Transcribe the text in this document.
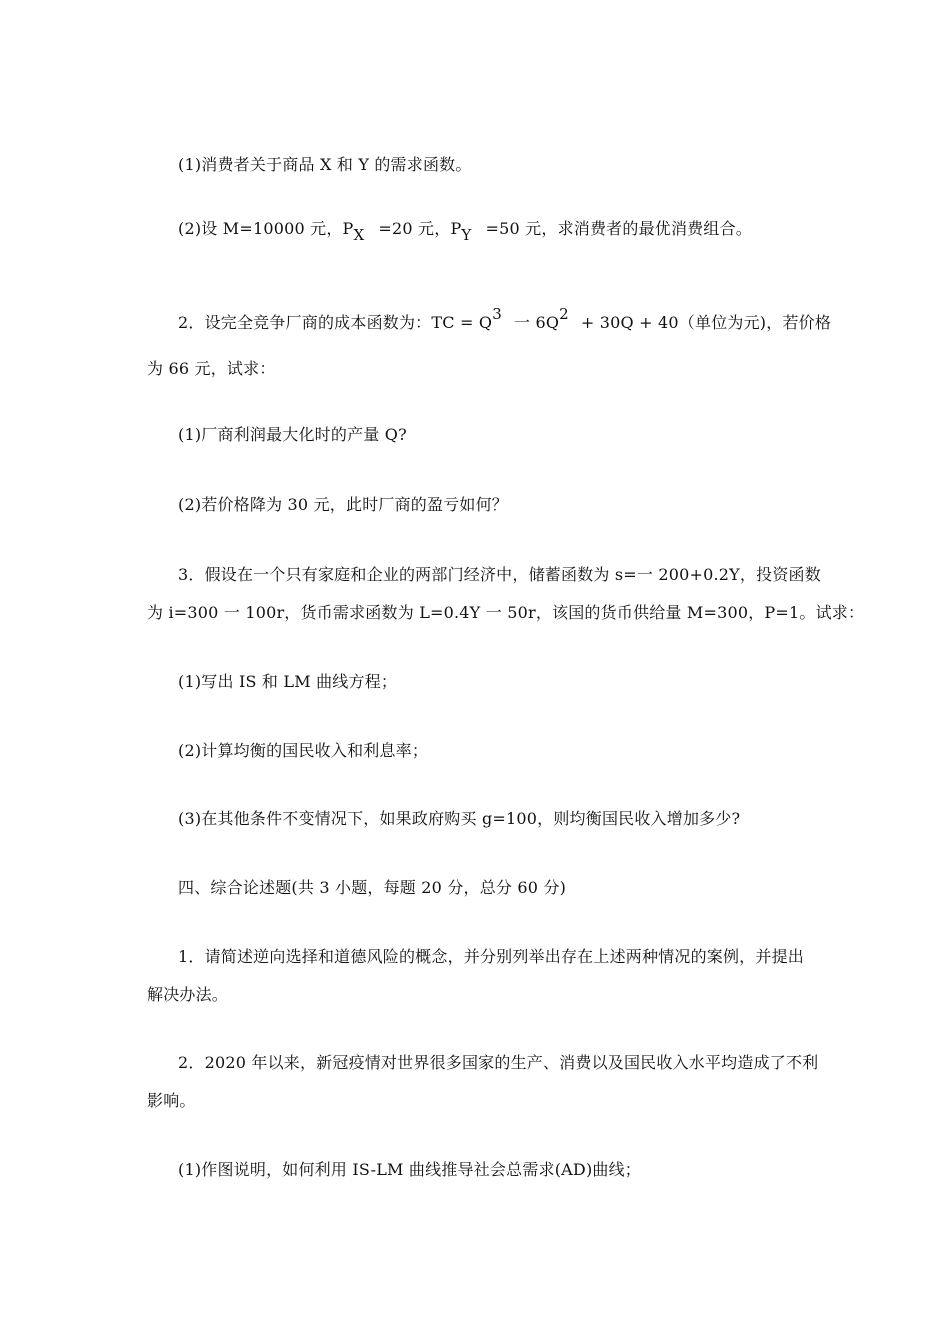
(1)消费者关于商品 X 和 Y 的需求函数。
(2)设 M=10000 元，PX =20 元，PY =50 元，求消费者的最优消费组合。
2．设完全竞争厂商的成本函数为：TC = Q3 一 6Q2 + 30Q + 40（单位为元)，若价格
为 66 元，试求：
(1)厂商利润最大化时的产量 Q?
(2)若价格降为 30 元，此时厂商的盈亏如何？
3．假设在一个只有家庭和企业的两部门经济中，储蓄函数为 s=一 200+0.2Y，投资函数
为 i=300 一 100r，货币需求函数为 L=0.4Y 一 50r，该国的货币供给量 M=300，P=1。试求：
(1)写出 IS 和 LM 曲线方程；
(2)计算均衡的国民收入和利息率；
(3)在其他条件不变情况下，如果政府购买 g=100，则均衡国民收入增加多少?
四、综合论述题(共 3 小题，每题 20 分，总分 60 分)
1．请简述逆向选择和道德风险的概念，并分别列举出存在上述两种情况的案例，并提出
解决办法。
2．2020 年以来，新冠疫情对世界很多国家的生产、消费以及国民收入水平均造成了不利
影响。
(1)作图说明，如何利用 IS-LM 曲线推导社会总需求(AD)曲线；
